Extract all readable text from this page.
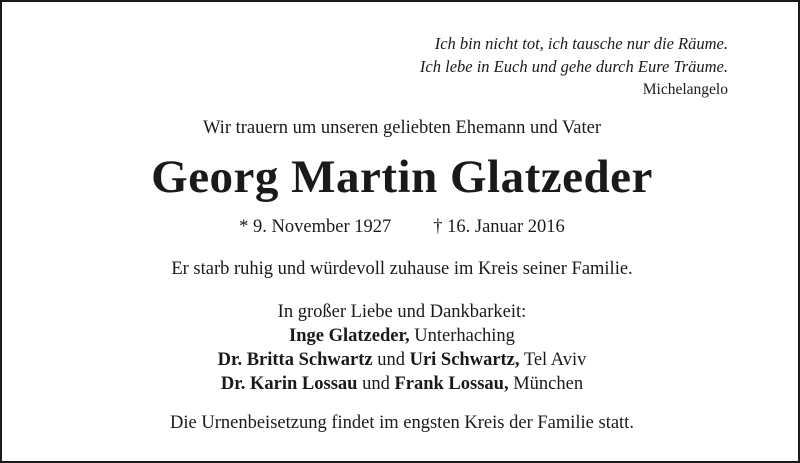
Ich bin nicht tot, ich tausche nur die Räume.
Ich lebe in Euch und gehe durch Eure Träume.
Michelangelo
Wir trauern um unseren geliebten Ehemann und Vater
Georg Martin Glatzeder
* 9. November 1927 † 16. Januar 2016
Er starb ruhig und würdevoll zuhause im Kreis seiner Familie.
In großer Liebe und Dankbarkeit:
Inge Glatzeder, Unterhaching
Dr. Britta Schwartz und Uri Schwartz, Tel Aviv
Dr. Karin Lossau und Frank Lossau, München
Die Urnenbeisetzung findet im engsten Kreis der Familie statt.
